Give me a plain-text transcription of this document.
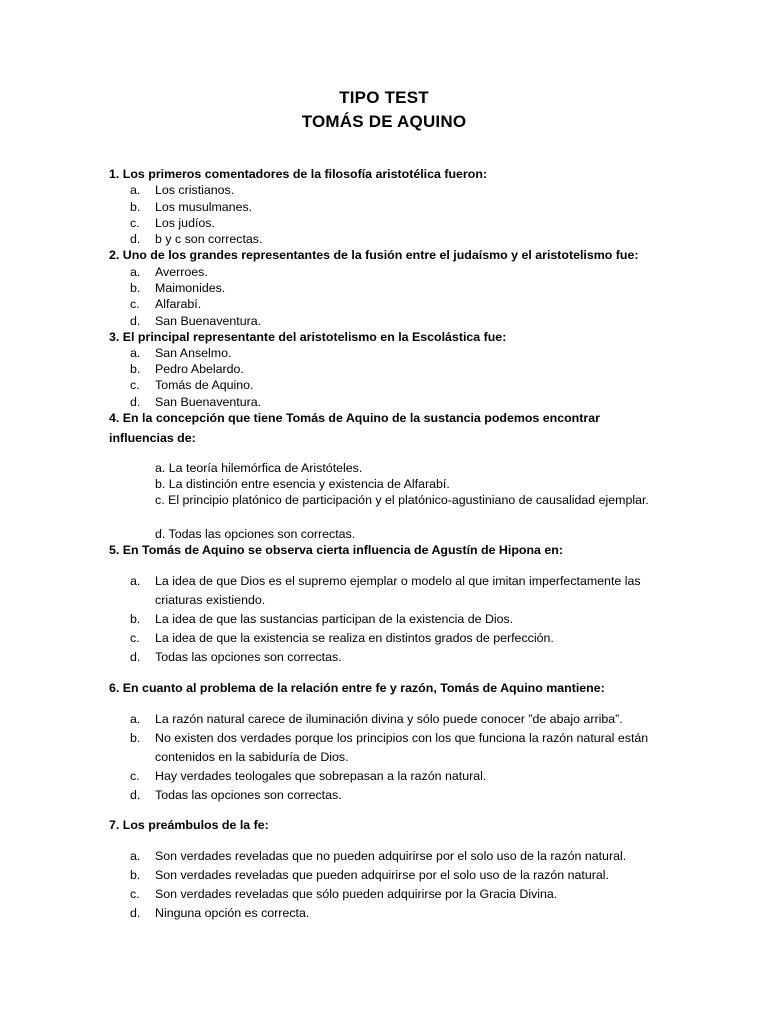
TIPO TEST
TOMÁS DE AQUINO
1. Los primeros comentadores de la filosofía aristotélica fueron:
a. Los cristianos.
b. Los musulmanes.
c. Los judíos.
d. b y c son correctas.
2. Uno de los grandes representantes de la fusión entre el judaísmo y el aristotelismo fue:
a. Averroes.
b. Maimonides.
c. Alfarabí.
d. San Buenaventura.
3. El principal representante del aristotelismo en la Escolástica fue:
a. San Anselmo.
b. Pedro Abelardo.
c. Tomás de Aquino.
d. San Buenaventura.
4. En la concepción que tiene Tomás de Aquino de la sustancia podemos encontrar
influencias de:
a. La teoría hilemórfica de Aristóteles.
b. La distinción entre esencia y existencia de Alfarabí.
c. El principio platónico de participación y el platónico-agustiniano de causalidad ejemplar.
d. Todas las opciones son correctas.
5. En Tomás de Aquino se observa cierta influencia de Agustín de Hipona en:
a. La idea de que Dios es el supremo ejemplar o modelo al que imitan imperfectamente las criaturas existiendo.
b. La idea de que las sustancias participan de la existencia de Dios.
c. La idea de que la existencia se realiza en distintos grados de perfección.
d. Todas las opciones son correctas.
6. En cuanto al problema de la relación entre fe y razón, Tomás de Aquino mantiene:
a. La razón natural carece de iluminación divina y sólo puede conocer ”de abajo arriba”.
b. No existen dos verdades porque los principios con los que funciona la razón natural están contenidos en la sabiduría de Dios.
c. Hay verdades teologales que sobrepasan a la razón natural.
d. Todas las opciones son correctas.
7. Los preámbulos de la fe:
a. Son verdades reveladas que no pueden adquirirse por el solo uso de la razón natural.
b. Son verdades reveladas que pueden adquirirse por el solo uso de la razón natural.
c. Son verdades reveladas que sólo pueden adquirirse por la Gracia Divina.
d. Ninguna opción es correcta.
